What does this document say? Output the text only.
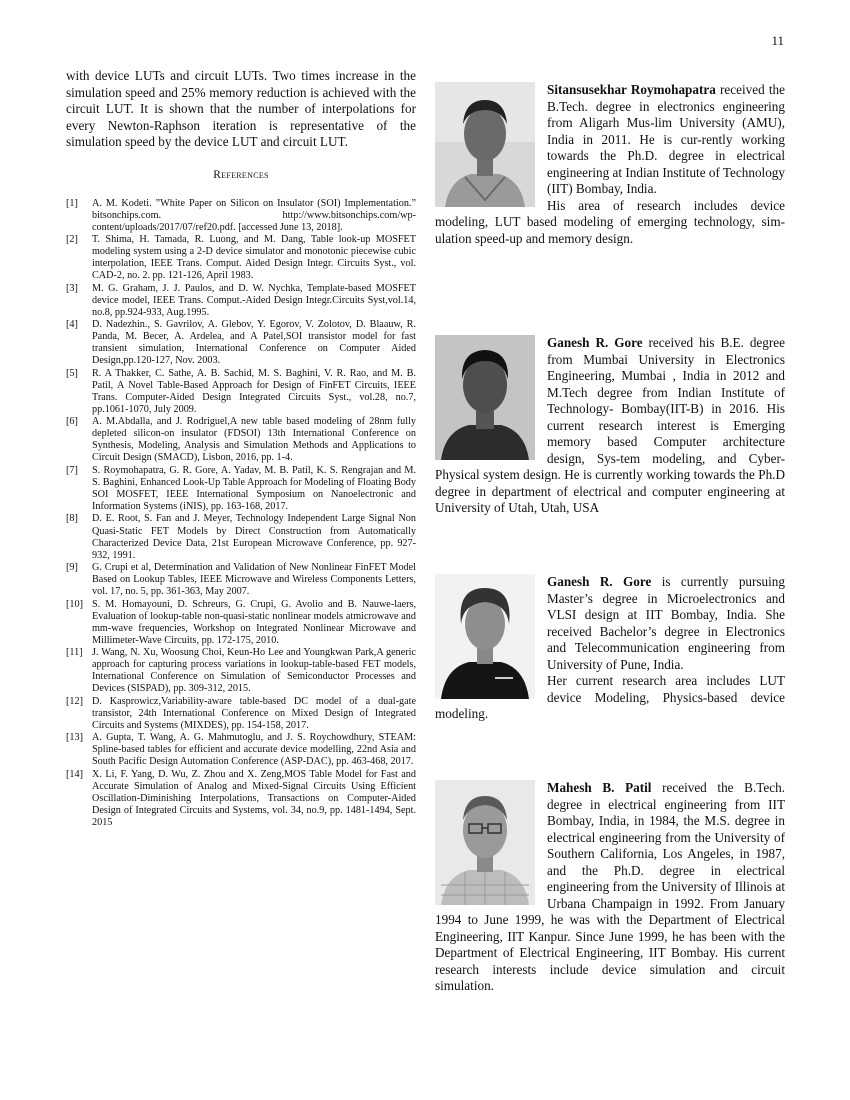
11

with device LUTs and circuit LUTs. Two times increase in the simulation speed and 25% memory reduction is achieved with the circuit LUT. It is shown that the number of interpolations for every Newton-Raphson iteration is representative of the simulation speed by the device LUT and circuit LUT.

References
[1]	A. M. Kodeti. ”White Paper on Silicon on Insulator (SOI) Implementation.” bitsonchips.com. http://www.bitsonchips.com/wp-content/uploads/2017/07/ref20.pdf. [accessed June 13, 2018].
[2]	T. Shima, H. Tamada, R. Luong, and M. Dang, Table look-up MOSFET modeling system using a 2-D device simulator and monotonic piecewise cubic interpolation, IEEE Trans. Comput. Aided Design Integr. Circuits Syst., vol. CAD-2, no. 2. pp. 121-126, April 1983.
[3]	M. G. Graham, J. J. Paulos, and D. W. Nychka, Template-based MOSFET device model, IEEE Trans. Comput.-Aided Design Integr.Circuits Syst,vol.14, no.8, pp.924-933, Aug.1995.
[4]	D. Nadezhin., S. Gavrilov, A. Glebov, Y. Egorov, V. Zolotov, D. Blaauw, R. Panda, M. Becer, A. Ardelea, and A Patel,SOI transistor model for fast transient simulation, International Conference on Computer Aided Design,pp.120-127, Nov. 2003.
[5]	R. A Thakker, C. Sathe, A. B. Sachid, M. S. Baghini, V. R. Rao, and M. B. Patil, A Novel Table-Based Approach for Design of FinFET Circuits, IEEE Trans. Computer-Aided Design Integrated Circuits Syst., vol.28, no.7, pp.1061-1070, July 2009.
[6]	A. M.Abdalla, and J. Rodriguel,A new table based modeling of 28nm fully depleted silicon-on insulator (FDSOI) 13th International Conference on Synthesis, Modeling, Analysis and Simulation Methods and Applications to Circuit Design (SMACD), Lisbon, 2016, pp. 1-4.
[7]	S. Roymohapatra, G. R. Gore, A. Yadav, M. B. Patil, K. S. Rengrajan and M. S. Baghini, Enhanced Look-Up Table Approach for Modeling of Floating Body SOI MOSFET, IEEE International Symposium on Nanoelectronic and Information Systems (iNIS), pp. 163-168, 2017.
[8]	D. E. Root, S. Fan and J. Meyer, Technology Independent Large Signal Non Quasi-Static FET Models by Direct Construction from Automatically Characterized Device Data, 21st European Microwave Conference, pp. 927-932, 1991.
[9]	G. Crupi et al, Determination and Validation of New Nonlinear FinFET Model Based on Lookup Tables, IEEE Microwave and Wireless Components Letters, vol. 17, no. 5, pp. 361-363, May 2007.
[10] S. M. Homayouni, D. Schreurs, G. Crupi, G. Avolio and B. Nauwe-laers, Evaluation of lookup-table non-quasi-static nonlinear models atmicrowave and mm-wave frequencies, Workshop on Integrated Nonlinear Microwave and Millimeter-Wave Circuits, pp. 172-175, 2010.
[11] J. Wang, N. Xu, Woosung Choi, Keun-Ho Lee and Youngkwan Park,A generic approach for capturing process variations in lookup-table-based FET models, International Conference on Simulation of Semiconductor Processes and Devices (SISPAD), pp. 309-312, 2015.
[12] D. Kasprowicz,Variability-aware table-based DC model of a dual-gate transistor, 24th International Conference on Mixed Design of Integrated Circuits and Systems (MIXDES), pp. 154-158, 2017.
[13] A. Gupta, T. Wang, A. G. Mahmutoglu, and J. S. Roychowdhury, STEAM: Spline-based tables for efficient and accurate device modelling, 22nd Asia and South Pacific Design Automation Conference (ASP-DAC), pp. 463-468, 2017.
[14] X. Li, F. Yang, D. Wu, Z. Zhou and X. Zeng,MOS Table Model for Fast and Accurate Simulation of Analog and Mixed-Signal Circuits Using Efficient Oscillation-Diminishing Interpolations, Transactions on Computer-Aided Design of Integrated Circuits and Systems, vol. 34, no.9, pp. 1481-1494, Sept. 2015

Sitansusekhar Roymohapatra received the B.Tech. degree in electronics engineering from Aligarh Mus-lim University (AMU), India in 2011. He is cur-rently working towards the Ph.D. degree in electrical engineering at Indian Institute of Technology (IIT) Bombay, India.

His area of research includes device modeling, LUT based modeling of emerging technology, sim-ulation speed-up and memory design.

Ganesh R. Gore received his B.E. degree from Mumbai University in Electronics Engineering, Mumbai , India in 2012 and M.Tech degree from Indian Institute of Technology- Bombay(IIT-B) in 2016. His current research interest is Emerging memory based Computer architecture design, Sys-tem modeling, and Cyber-Physical system design. He is currently working towards the Ph.D degree in department of electrical and computer engineering at University of Utah, Utah, USA

Ganesh R. Gore is currently pursuing Master’s degree in Microelectronics and VLSI design at IIT Bombay, India. She received Bachelor’s degree in Electronics and Telecommunication engineering from University of Pune, India.

Her current research area includes LUT device Modeling, Physics-based device modeling.

Mahesh B. Patil received the B.Tech. degree in electrical engineering from IIT Bombay, India, in 1984, the M.S. degree in electrical engineering from the University of Southern California, Los Angeles, in 1987, and the Ph.D. degree in electrical engineering from the University of Illinois at Urbana Champaign in 1992. From January 1994 to June 1999, he was with the Department of Electrical Engineering, IIT Kanpur. Since June 1999, he has been with the Department of Electrical Engineering, IIT Bombay. His current research interests include device simulation and circuit simulation.
